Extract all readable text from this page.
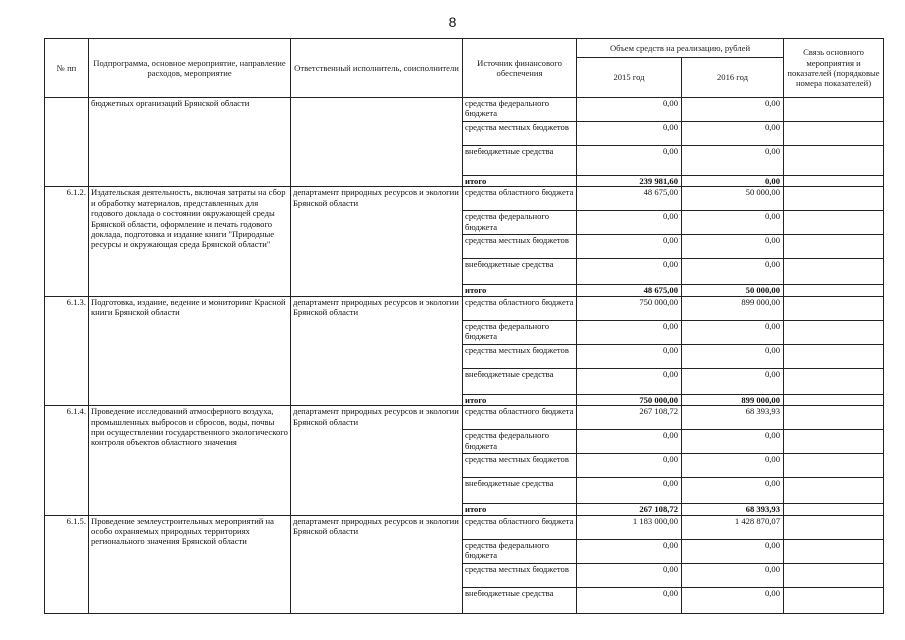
8
№ пп	Подпрограмма, основное мероприятие, направление расходов, мероприятие	Ответственный исполнитель, соисполнители	Источник финансового обеспечения	Объем средств на реализацию, рублей		Связь основного мероприятия и показателей (порядковые номера показателей)
				2015 год	2016 год	
	бюджетных организаций Брянской области		средства федерального бюджета	0,00	0,00	
			средства местных бюджетов	0,00	0,00	
			внебюджетные средства	0,00	0,00	
			итого	239 981,60	0,00	
6.1.2.	Издательская деятельность, включая затраты на сбор и обработку материалов, представленных для годового доклада о состоянии окружающей среды Брянской области, оформление и печать годового доклада, подготовка и издание книги "Природные ресурсы и окружающая среда Брянской области"	департамент природных ресурсов и экологии Брянской области	средства областного бюджета	48 675,00	50 000,00	
			средства федерального бюджета	0,00	0,00	
			средства местных бюджетов	0,00	0,00	
			внебюджетные средства	0,00	0,00	
			итого	48 675,00	50 000,00	
6.1.3.	Подготовка, издание, ведение и мониторинг Красной книги Брянской области	департамент природных ресурсов и экологии Брянской области	средства областного бюджета	750 000,00	899 000,00	
			средства федерального бюджета	0,00	0,00	
			средства местных бюджетов	0,00	0,00	
			внебюджетные средства	0,00	0,00	
			итого	750 000,00	899 000,00	
6.1.4.	Проведение исследований атмосферного воздуха, промышленных выбросов и сбросов, воды, почвы при осуществлении государственного экологического контроля объектов областного значения	департамент природных ресурсов и экологии Брянской области	средства областного бюджета	267 108,72	68 393,93	
			средства федерального бюджета	0,00	0,00	
			средства местных бюджетов	0,00	0,00	
			внебюджетные средства	0,00	0,00	
			итого	267 108,72	68 393,93	
6.1.5.	Проведение землеустроительных мероприятий на особо охраняемых природных территориях регионального значения Брянской области	департамент природных ресурсов и экологии Брянской области	средства областного бюджета	1 183 000,00	1 428 870,07	
			средства федерального бюджета	0,00	0,00	
			средства местных бюджетов	0,00	0,00	
			внебюджетные средства	0,00	0,00	
